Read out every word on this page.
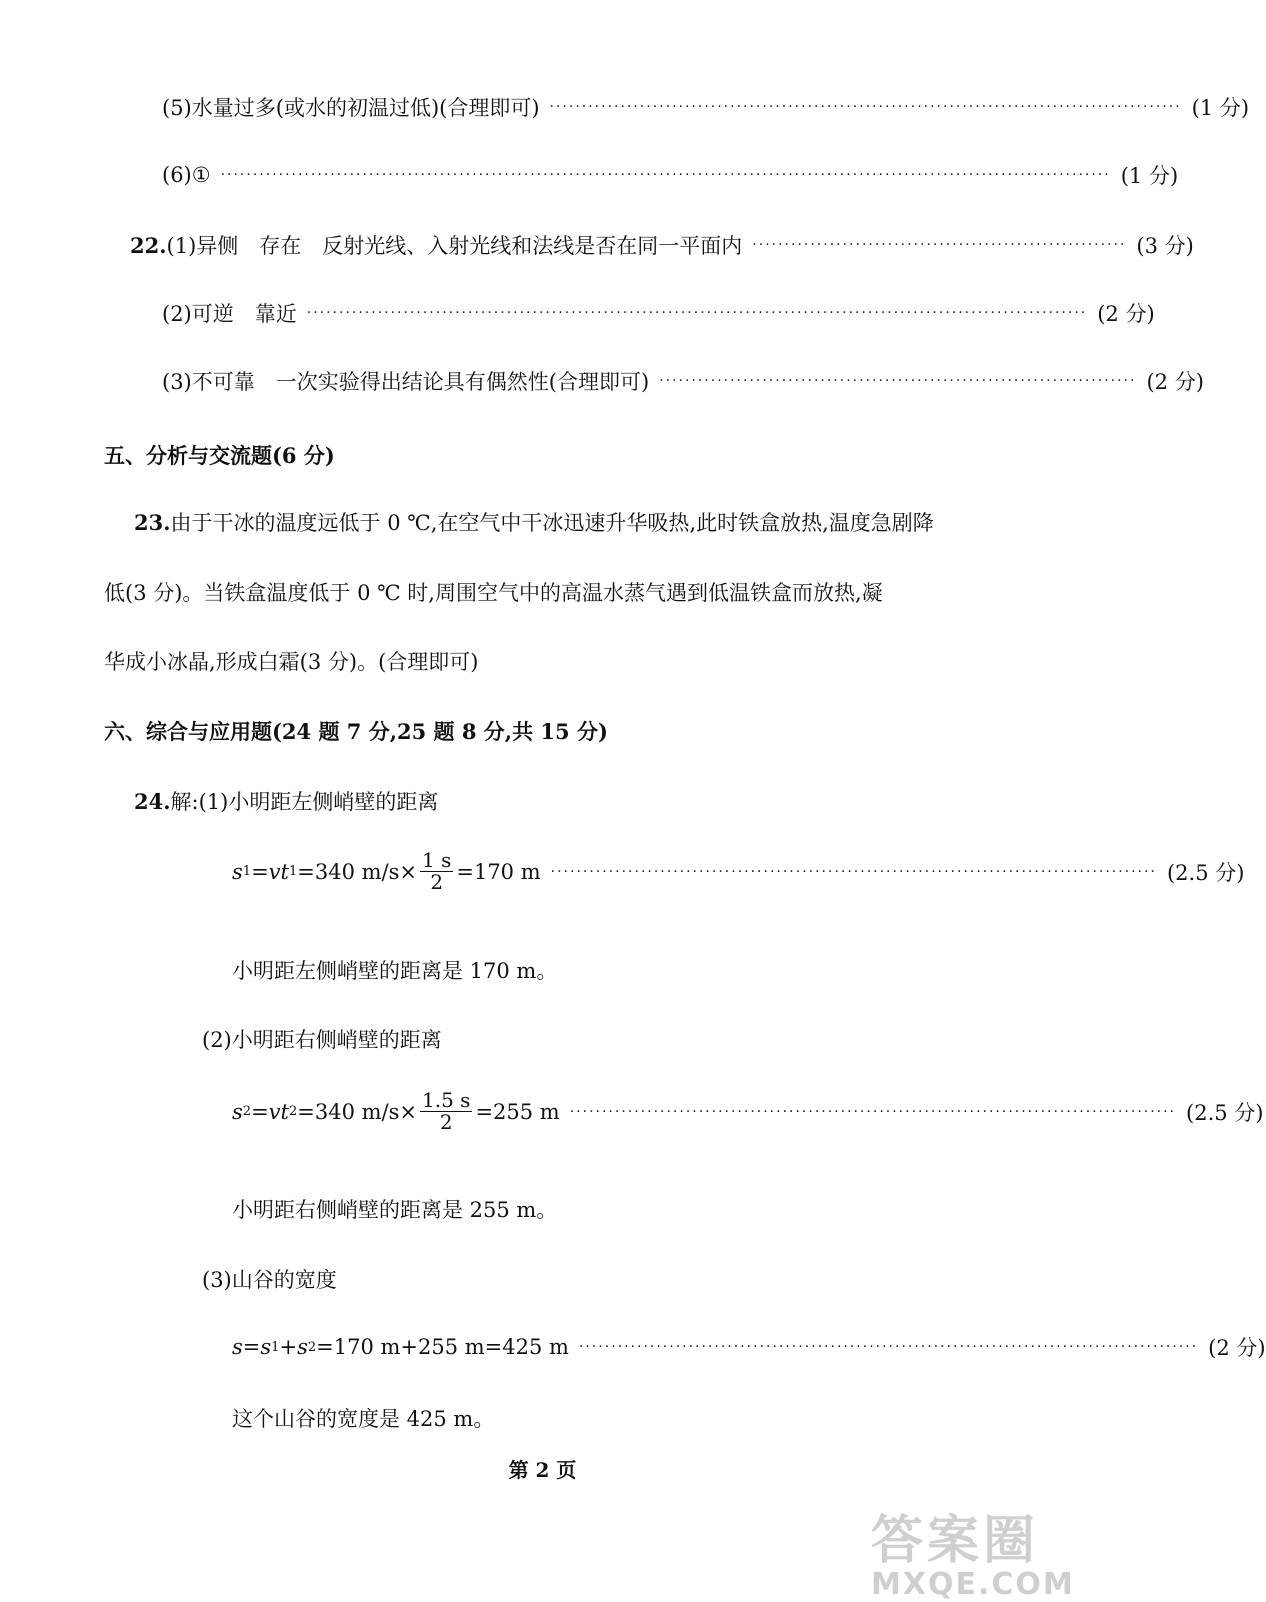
(5)水量过多(或水的初温过低)(合理即可) ·································································································· (1 分)
(6)① ·········································································································································· (1 分)
22. (1)异侧　存在　反射光线、入射光线和法线是否在同一平面内 ·························································· (3 分)
(2)可逆　靠近 ························································································································· (2 分)
(3)不可靠　一次实验得出结论具有偶然性(合理即可) ·········································································· (2 分)
五、分析与交流题(6 分)
23.由于干冰的温度远低于 0 ℃,在空气中干冰迅速升华吸热,此时铁盒放热,温度急剧降
低(3 分)。当铁盒温度低于 0 ℃ 时,周围空气中的高温水蒸气遇到低温铁盒而放热,凝
华成小冰晶,形成白霜(3 分)。(合理即可)
六、综合与应用题(24 题 7 分,25 题 8 分,共 15 分)
24.解:(1)小明距左侧峭壁的距离
s 1 = v t 1 =340 $m/s\times \frac{1 s}{2} =170$ m ······························································································ (2.5 分)
小明距左侧峭壁的距离是 170 m。
(2)小明距右侧峭壁的距离
s 2 = v t 2 =340 $m/s\times \frac{1.5 s}{2} =255$ m ······························································································ (2.5 分)
小明距右侧峭壁的距离是 255 m。
(3)山谷的宽度
s = s 1 + s 2 =170 m+255 m=425 m ································································································ (2 分)
这个山谷的宽度是 425 m。
第 2 页
答案圈
MXQE.COM
